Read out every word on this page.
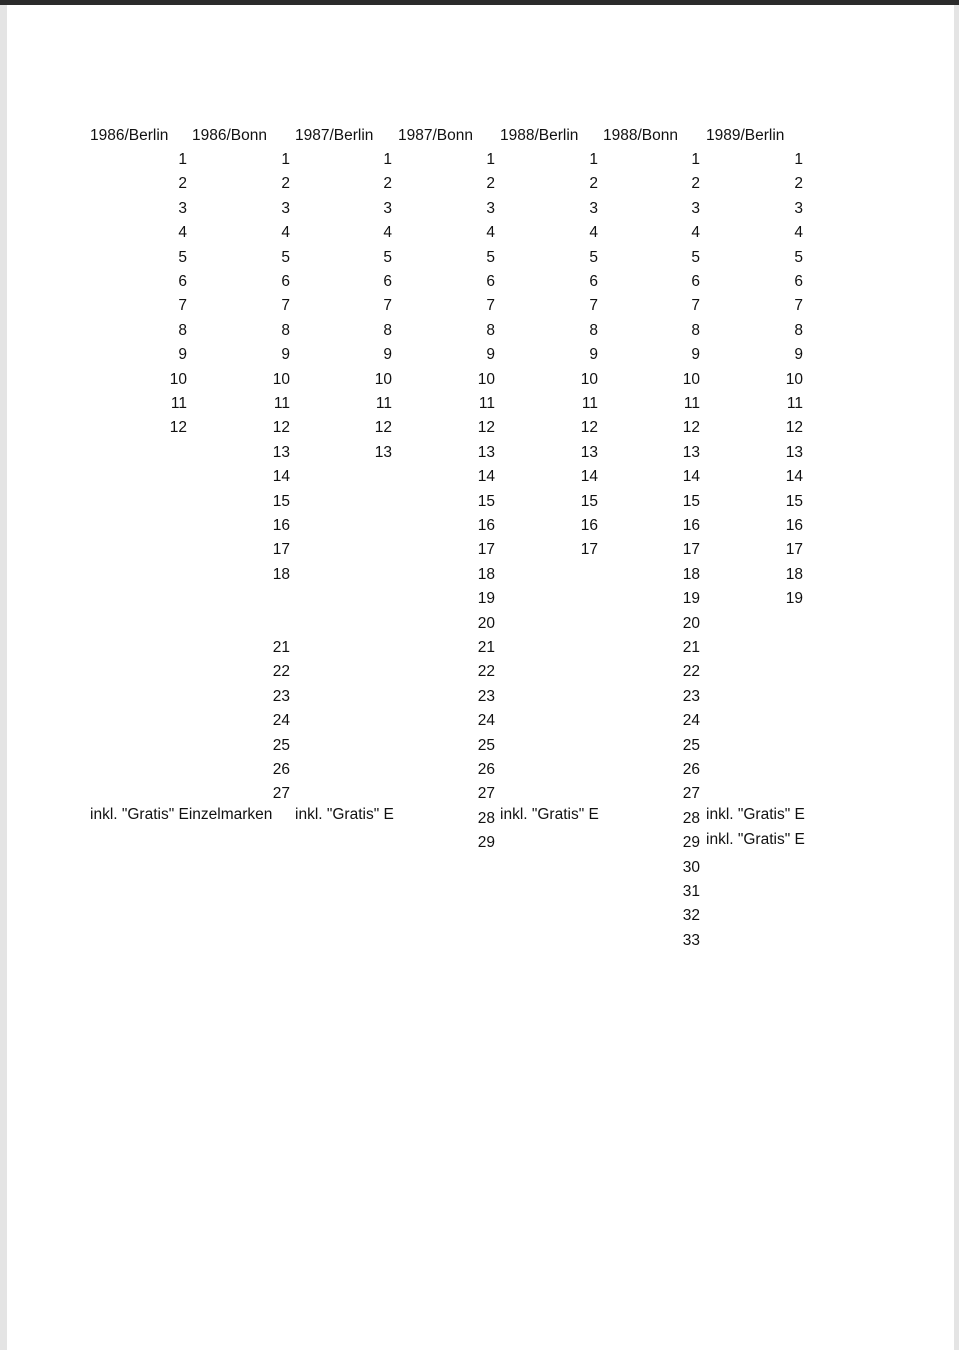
1986/Berlin 1986/Bonn 1987/Berlin 1987/Bonn 1988/Berlin 1988/Bonn 1989/Berlin
inkl. "Gratis" Einzelmarken inkl. "Gratis" E	inkl. "Gratis" E	inkl. "Gratis" E
inkl. "Gratis" E
1
2
3
4
5
6
7
8
9
10
11
12
1
2
3
4
5
6
7
8
9
10
11
12
13
14
15
16
17
18
21
22
23
24
25
26
27
1
2
3
4
5
6
7
8
9
10
11
12
13
1
2
3
4
5
6
7
8
9
10
11
12
13
14
15
16
17
18
19
20
21
22
23
24
25
26
27
28
29
1
2
3
4
5
6
7
8
9
10
11
12
13
14
15
16
17
1
2
3
4
5
6
7
8
9
10
11
12
13
14
15
16
17
18
19
20
21
22
23
24
25
26
27
28
29
30
31
32
33
1
2
3
4
5
6
7
8
9
10
11
12
13
14
15
16
17
18
19
